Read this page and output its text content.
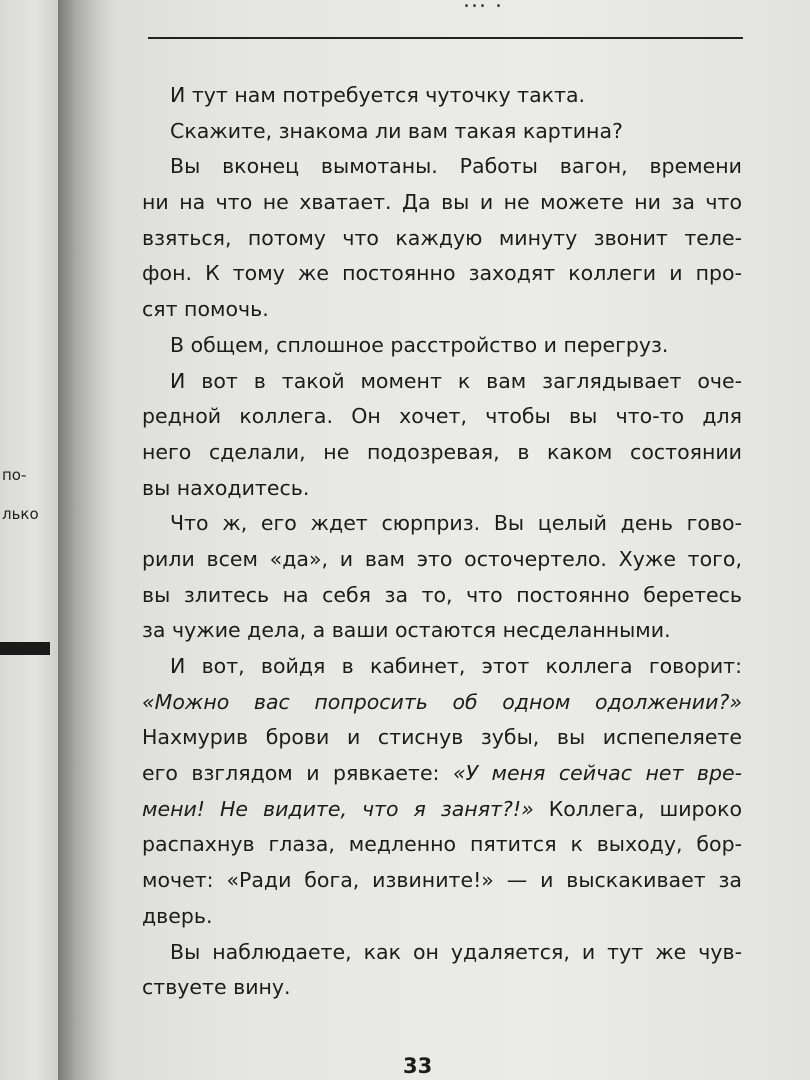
по-
лько
... .
И тут нам потребуется чуточку такта.
Скажите, знакома ли вам такая картина?
Вы вконец вымотаны. Работы вагон, времени
ни на что не хватает. Да вы и не можете ни за что
взяться, потому что каждую минуту звонит теле-
фон. К тому же постоянно заходят коллеги и про-
сят помочь.
В общем, сплошное расстройство и перегруз.
И вот в такой момент к вам заглядывает оче-
редной коллега. Он хочет, чтобы вы что-то для
него сделали, не подозревая, в каком состоянии
вы находитесь.
Что ж, его ждет сюрприз. Вы целый день гово-
рили всем «да», и вам это осточертело. Хуже того,
вы злитесь на себя за то, что постоянно беретесь
за чужие дела, а ваши остаются несделанными.
И вот, войдя в кабинет, этот коллега говорит:
«Можно вас попросить об одном одолжении?»
Нахмурив брови и стиснув зубы, вы испепеляете
его взглядом и рявкаете: «У меня сейчас нет вре-
мени! Не видите, что я занят?!» Коллега, широко
распахнув глаза, медленно пятится к выходу, бор-
мочет: «Ради бога, извините!» — и выскакивает за
дверь.
Вы наблюдаете, как он удаляется, и тут же чув-
ствуете вину.
33
